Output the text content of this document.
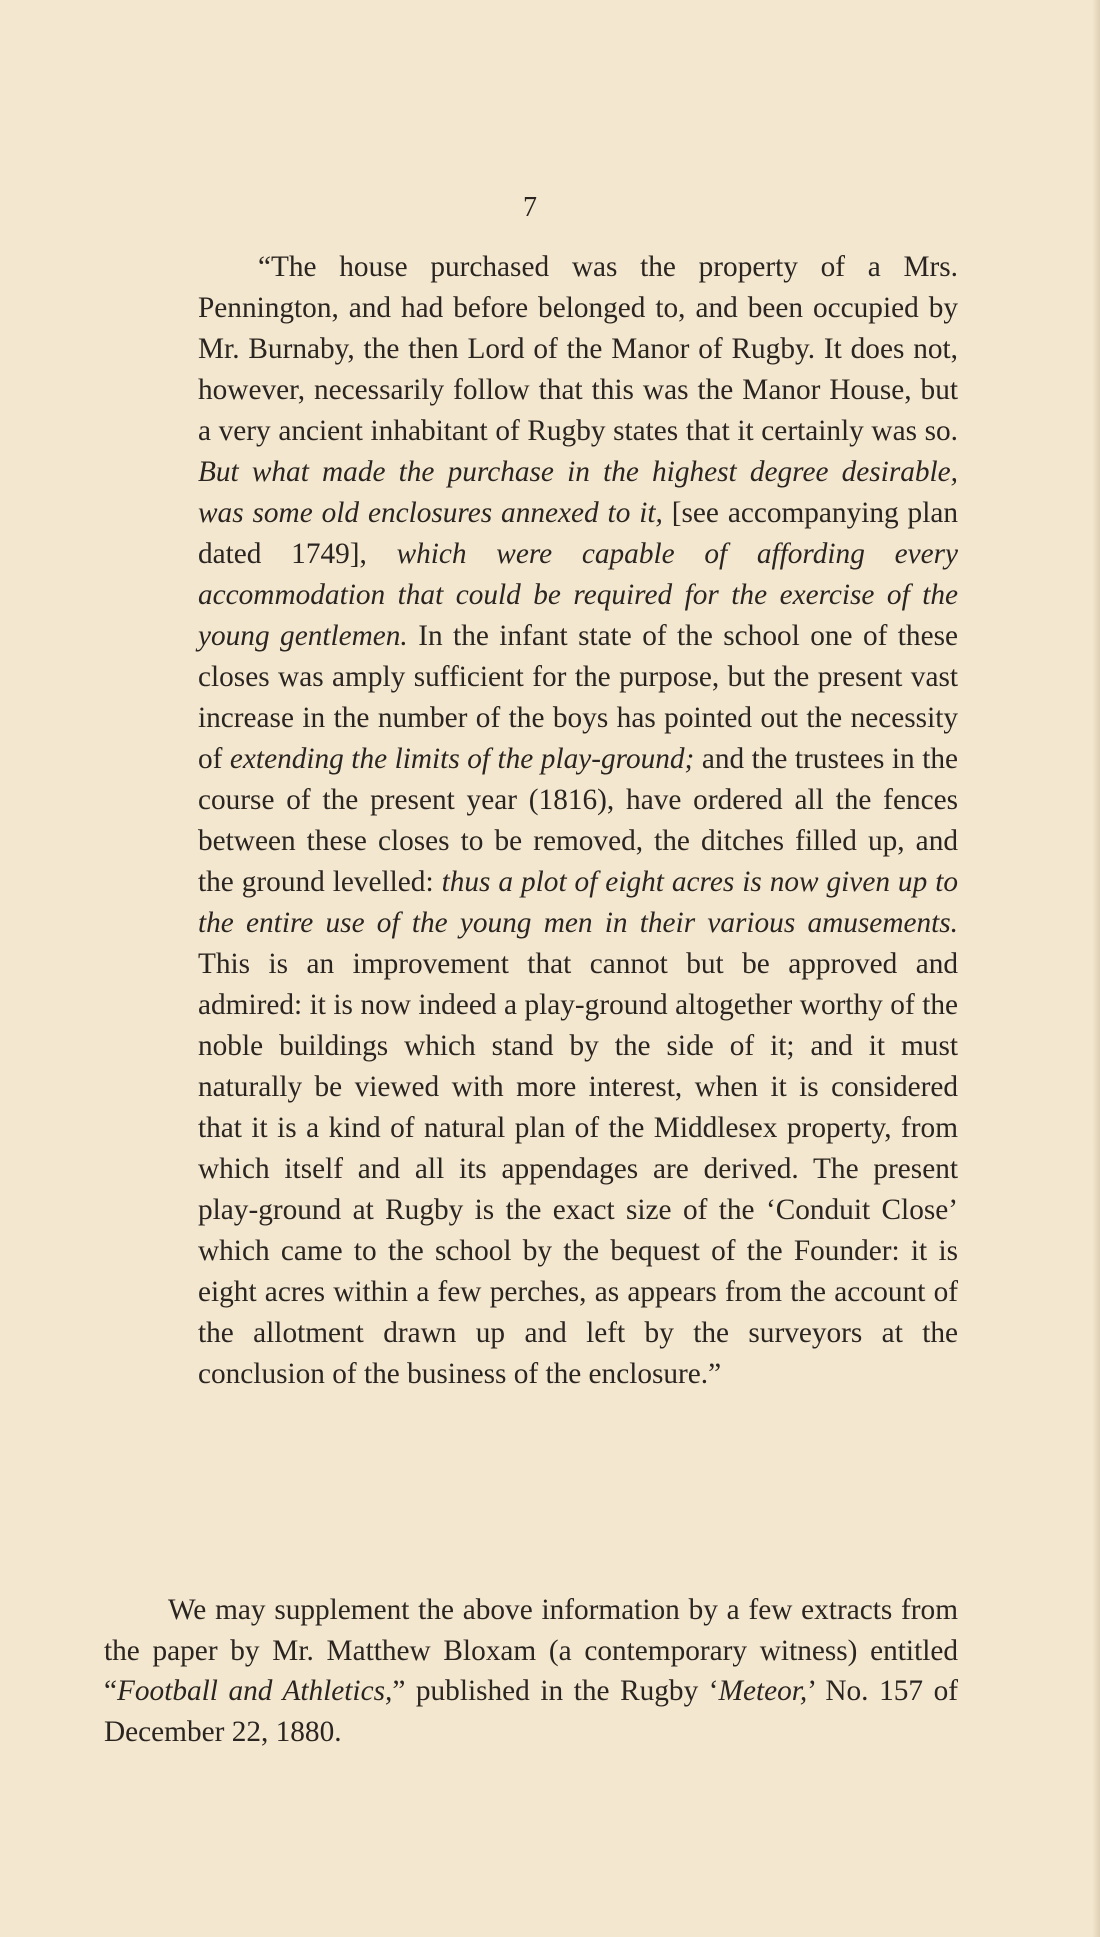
7

“The house purchased was the property of a Mrs. Pennington, and had before belonged to, and been occupied by Mr. Burnaby, the then Lord of the Manor of Rugby. It does not, however, necessarily follow that this was the Manor House, but a very ancient inhabitant of Rugby states that it certainly was so. But what made the purchase in the highest degree desirable, was some old enclosures annexed to it, [see accompanying plan dated 1749], which were capable of affording every accommodation that could be required for the exercise of the young gentlemen. In the infant state of the school one of these closes was amply sufficient for the purpose, but the present vast increase in the number of the boys has pointed out the necessity of extending the limits of the play-ground; and the trustees in the course of the present year (1816), have ordered all the fences between these closes to be removed, the ditches filled up, and the ground levelled: thus a plot of eight acres is now given up to the entire use of the young men in their various amusements. This is an improvement that cannot but be approved and admired: it is now indeed a play-ground altogether worthy of the noble buildings which stand by the side of it; and it must naturally be viewed with more interest, when it is considered that it is a kind of natural plan of the Middlesex property, from which itself and all its appendages are derived. The present play-ground at Rugby is the exact size of the ‘Conduit Close’ which came to the school by the bequest of the Founder: it is eight acres within a few perches, as appears from the account of the allotment drawn up and left by the surveyors at the conclusion of the business of the enclosure.”

We may supplement the above information by a few extracts from the paper by Mr. Matthew Bloxam (a contemporary witness) entitled “Football and Athletics,” published in the Rugby ‘Meteor,’ No. 157 of December 22, 1880.
